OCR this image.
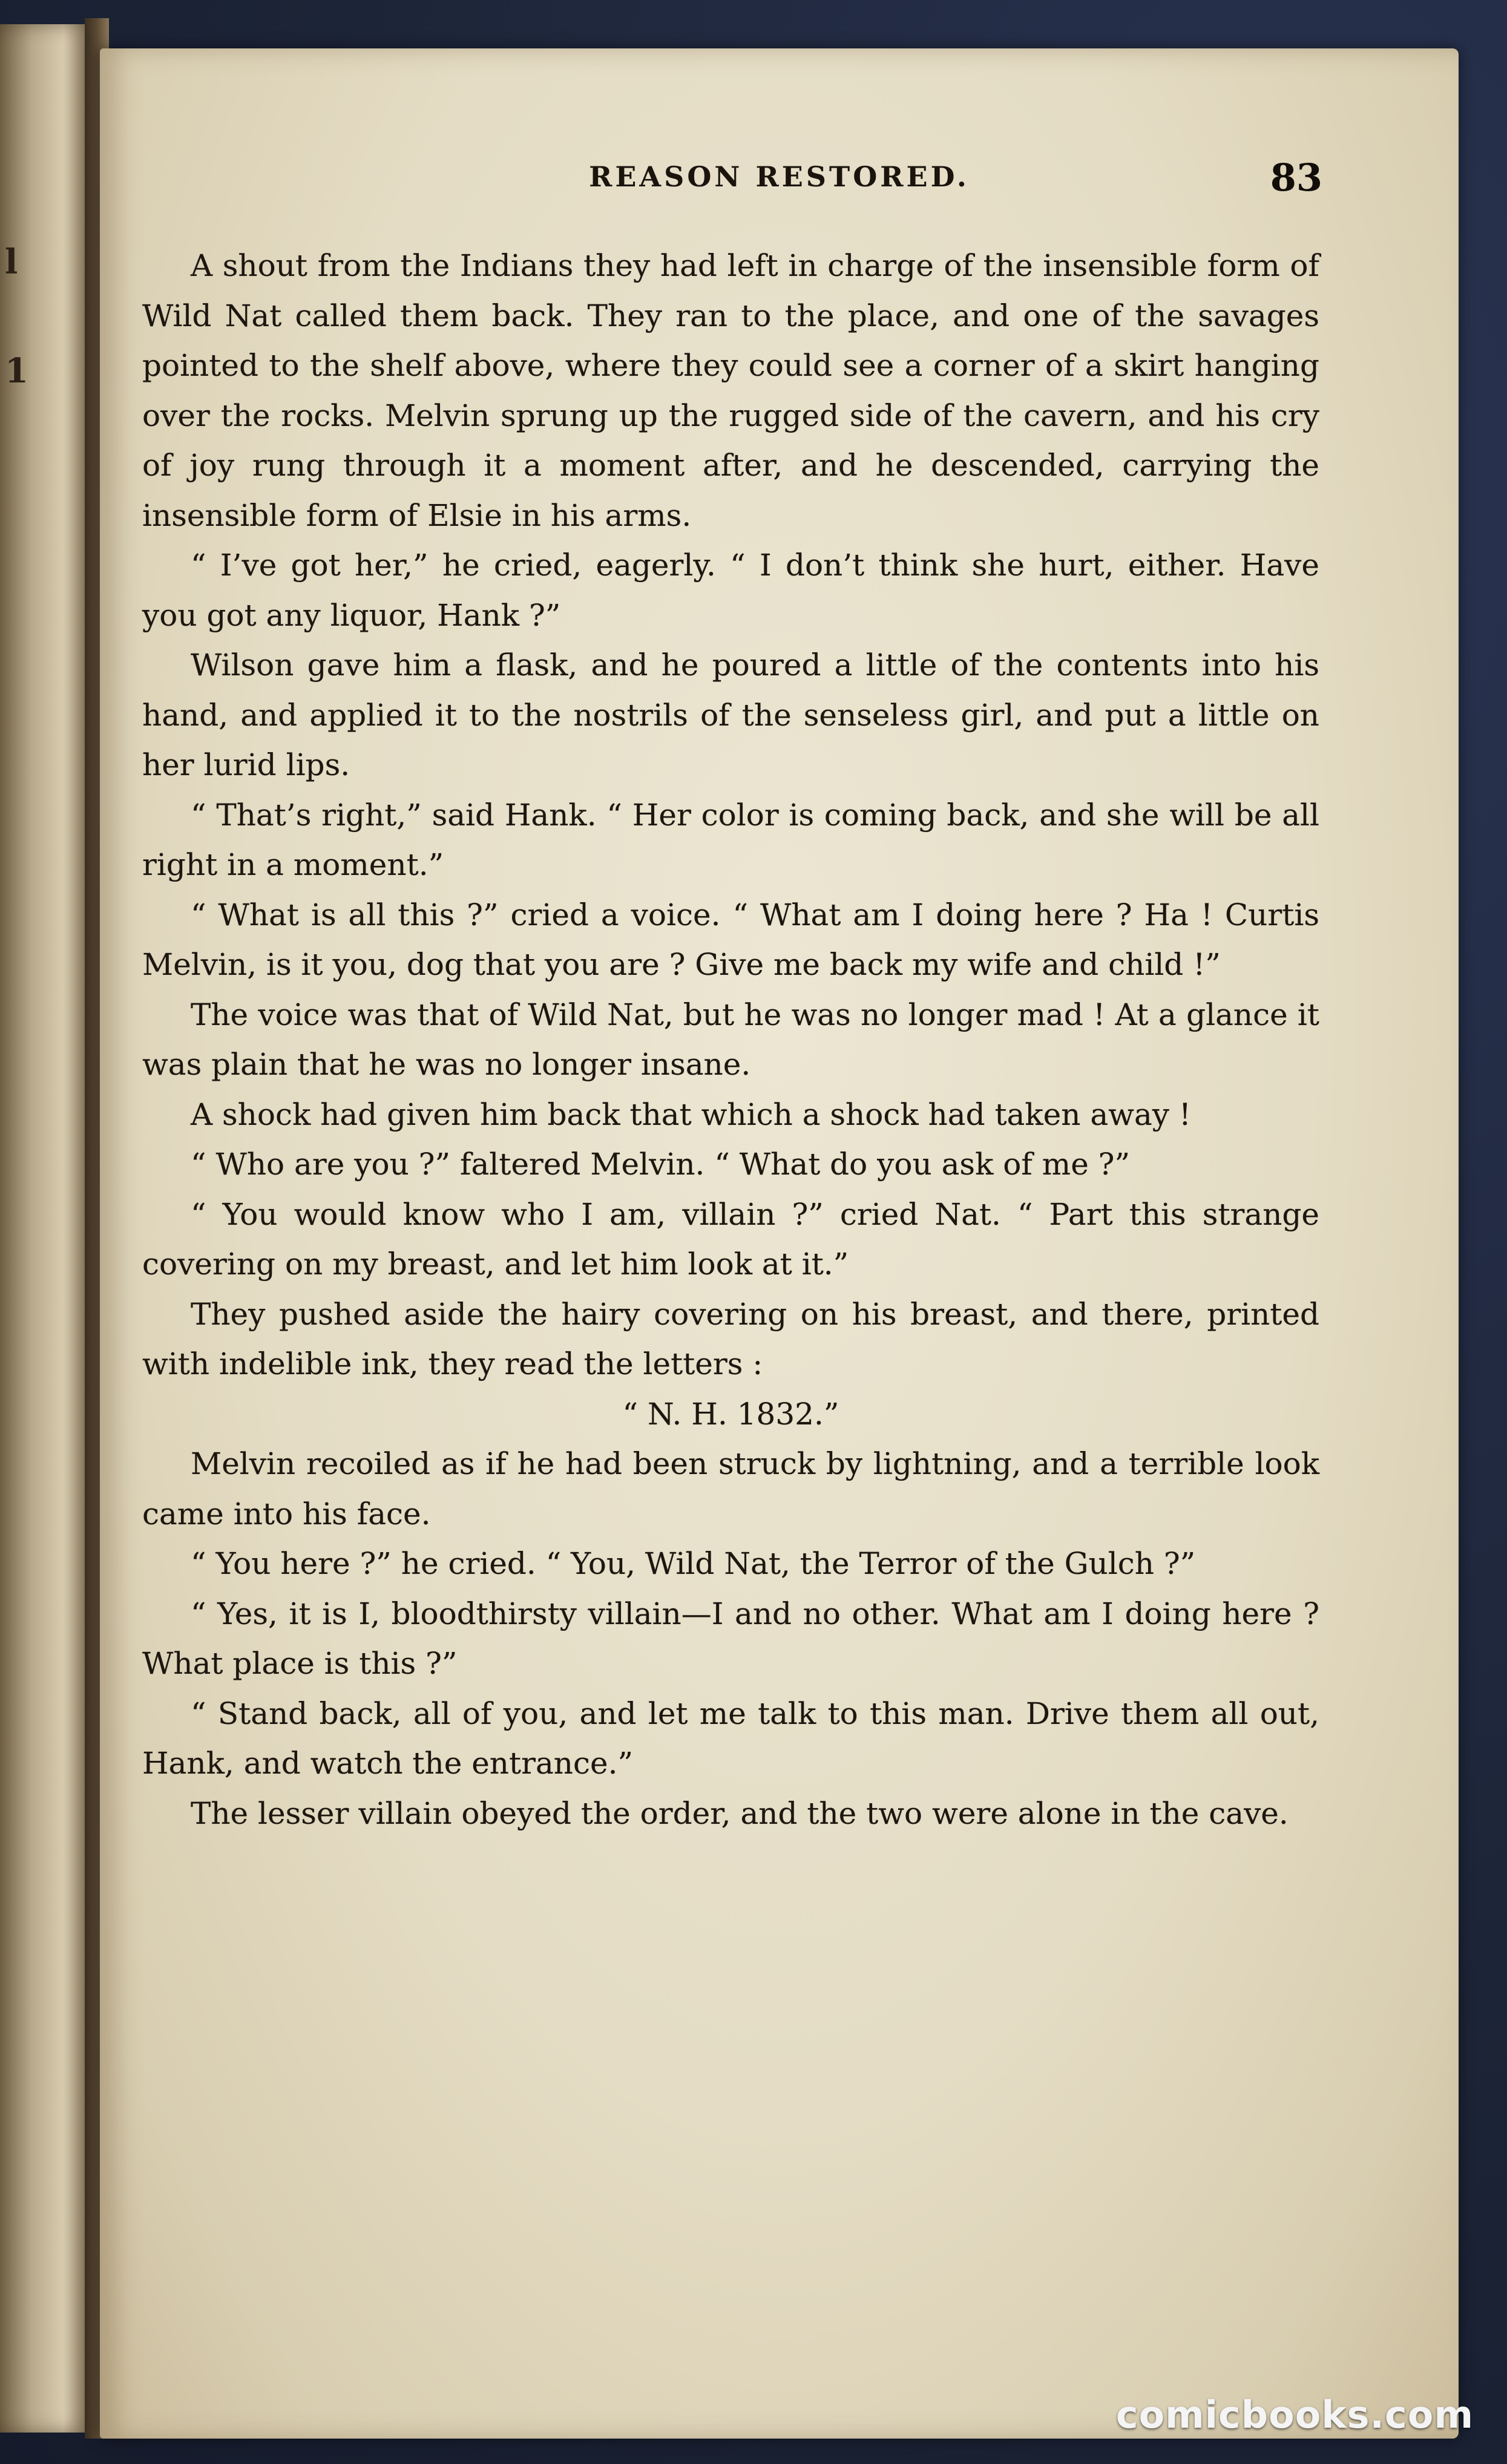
l
1
REASON RESTORED.	83

A shout from the Indians they had left in charge of the insensible form of Wild Nat called them back. They ran to the place, and one of the savages pointed to the shelf above, where they could see a corner of a skirt hanging over the rocks. Melvin sprung up the rugged side of the cavern, and his cry of joy rung through it a moment after, and he descended, carrying the insensible form of Elsie in his arms.

“ I’ve got her,” he cried, eagerly. “ I don’t think she hurt, either. Have you got any liquor, Hank ?”

Wilson gave him a flask, and he poured a little of the contents into his hand, and applied it to the nostrils of the senseless girl, and put a little on her lurid lips.

“ That’s right,” said Hank. “ Her color is coming back, and she will be all right in a moment.”

“ What is all this ?” cried a voice. “ What am I doing here ? Ha ! Curtis Melvin, is it you, dog that you are ? Give me back my wife and child !”

The voice was that of Wild Nat, but he was no longer mad ! At a glance it was plain that he was no longer insane.

A shock had given him back that which a shock had taken away !

“ Who are you ?” faltered Melvin. “ What do you ask of me ?”

“ You would know who I am, villain ?” cried Nat. “ Part this strange covering on my breast, and let him look at it.”

They pushed aside the hairy covering on his breast, and there, printed with indelible ink, they read the letters :

“ N. H. 1832.”

Melvin recoiled as if he had been struck by lightning, and a terrible look came into his face.

“ You here ?” he cried. “ You, Wild Nat, the Terror of the Gulch ?”

“ Yes, it is I, bloodthirsty villain—I and no other. What am I doing here ? What place is this ?”

“ Stand back, all of you, and let me talk to this man. Drive them all out, Hank, and watch the entrance.”

The lesser villain obeyed the order, and the two were alone in the cave.

comicbooks.com
